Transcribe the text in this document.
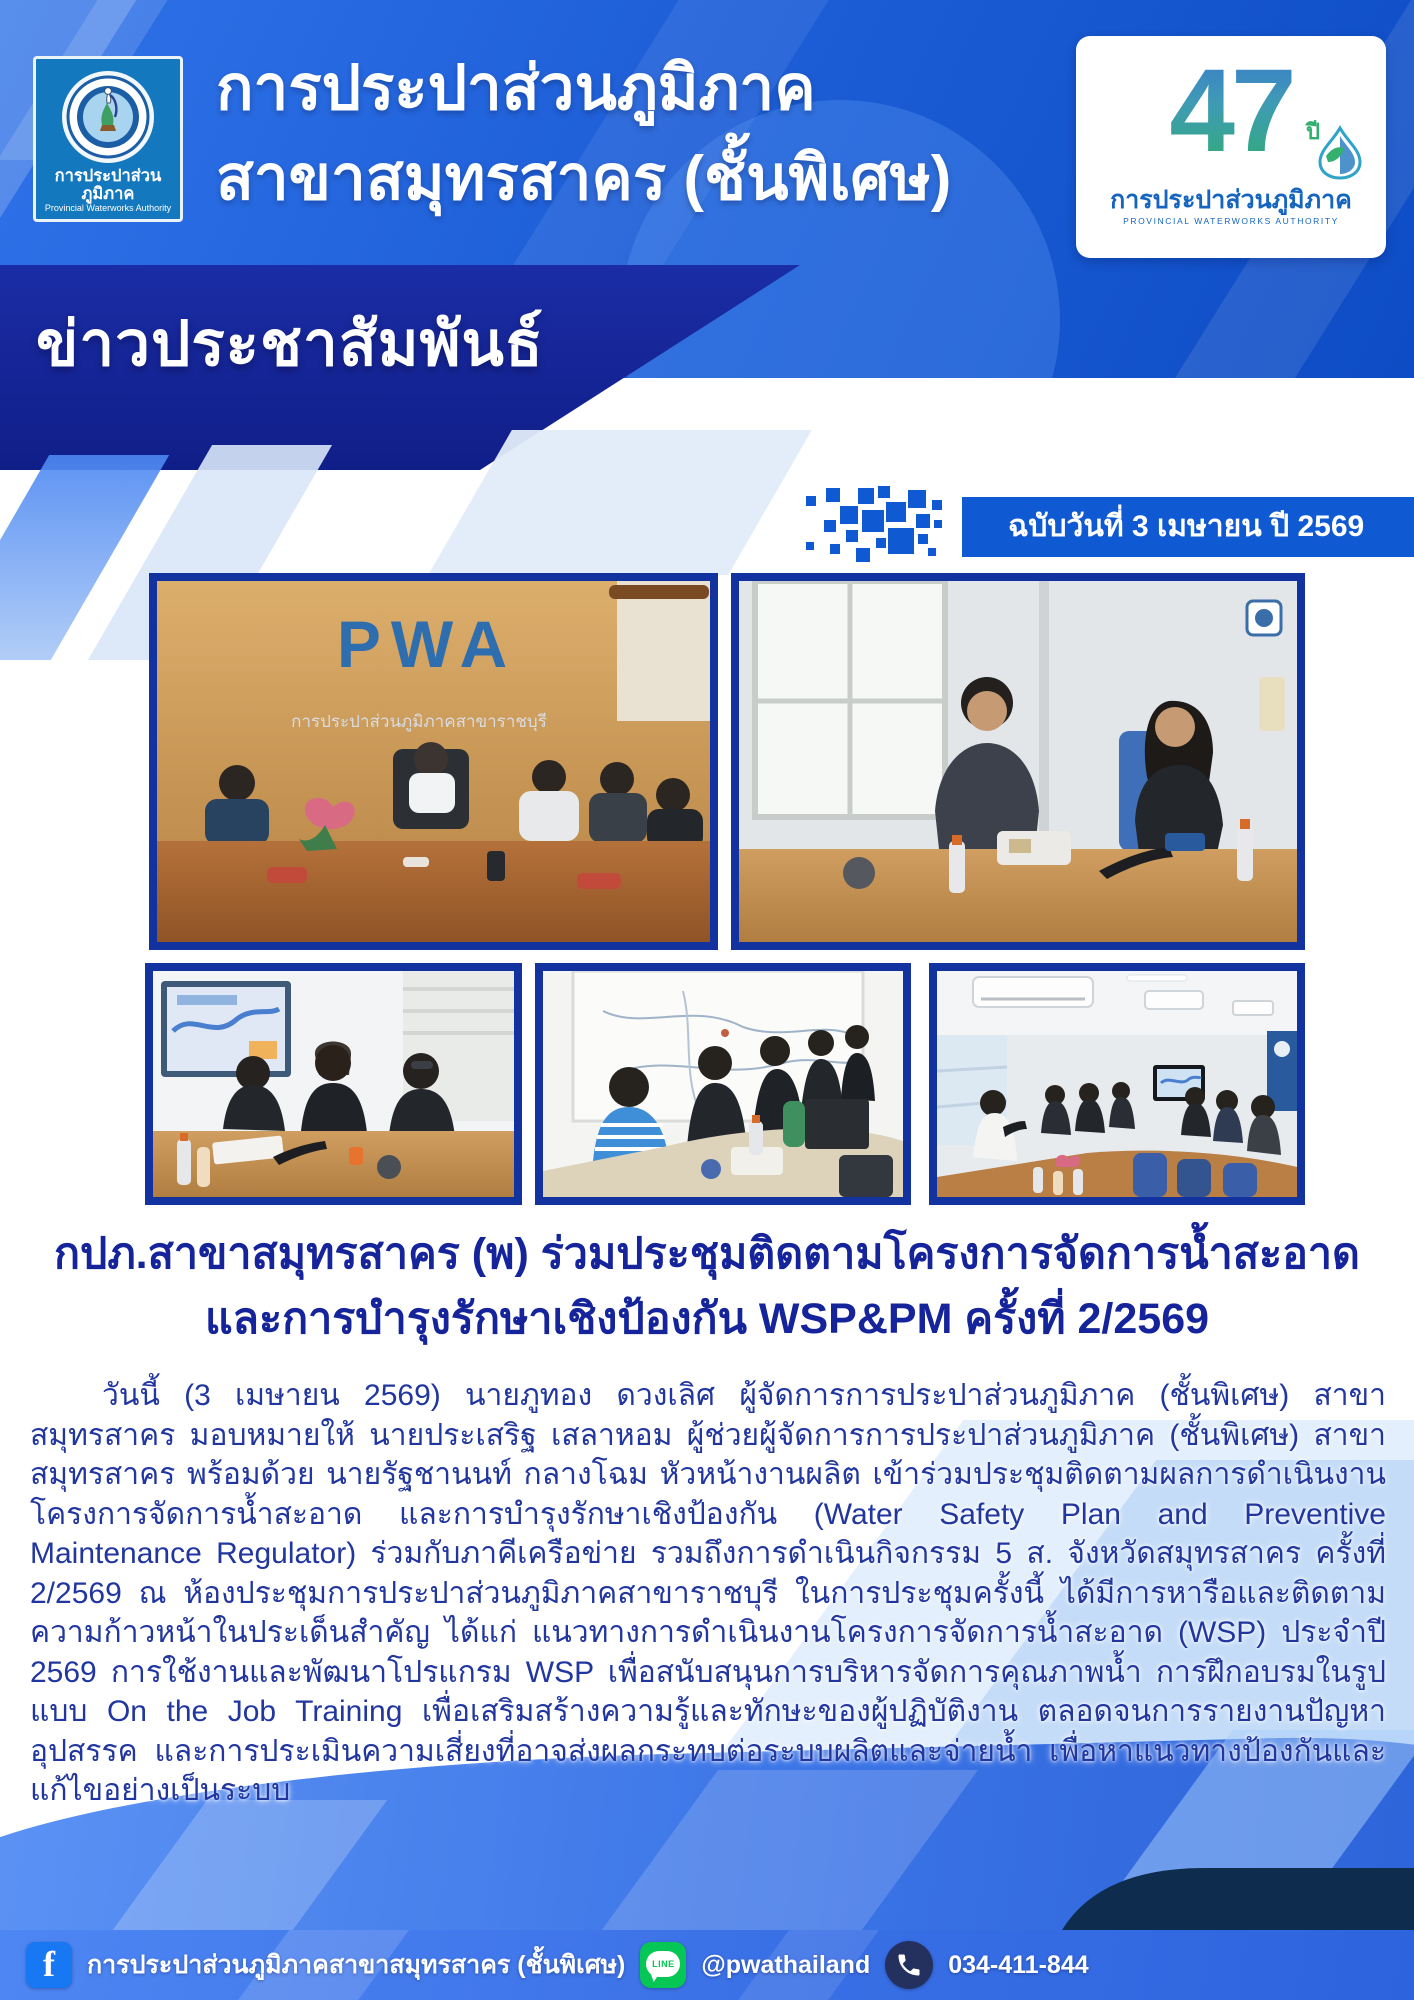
การประปาส่วนภูมิภาค
Provincial Waterworks Authority
การประปาส่วนภูมิภาค
สาขาสมุทรสาคร (ชั้นพิเศษ)
47 ปี
การประปาส่วนภูมิภาค
PROVINCIAL WATERWORKS AUTHORITY
ข่าวประชาสัมพันธ์
ฉบับวันที่ 3 เมษายน ปี 2569
PWA
การประปาส่วนภูมิภาคสาขาราชบุรี
กปภ.สาขาสมุทรสาคร (พ) ร่วมประชุมติดตามโครงการจัดการน้ำสะอาด
และการบำรุงรักษาเชิงป้องกัน WSP&PM ครั้งที่ 2/2569
วันนี้ (3 เมษายน 2569) นายภูทอง ดวงเลิศ ผู้จัดการการประปาส่วนภูมิภาค (ชั้นพิเศษ) สาขาสมุทรสาคร มอบหมายให้ นายประเสริฐ เสลาหอม ผู้ช่วยผู้จัดการการประปาส่วนภูมิภาค (ชั้นพิเศษ) สาขาสมุทรสาคร พร้อมด้วย นายรัฐชานนท์ กลางโฉม หัวหน้างานผลิต เข้าร่วมประชุมติดตามผลการดำเนินงานโครงการจัดการน้ำสะอาด และการบำรุงรักษาเชิงป้องกัน (Water Safety Plan and Preventive Maintenance Regulator) ร่วมกับภาคีเครือข่าย รวมถึงการดำเนินกิจกรรม 5 ส. จังหวัดสมุทรสาคร ครั้งที่ 2/2569 ณ ห้องประชุมการประปาส่วนภูมิภาคสาขาราชบุรี ในการประชุมครั้งนี้ ได้มีการหารือและติดตามความก้าวหน้าในประเด็นสำคัญ ได้แก่ แนวทางการดำเนินงานโครงการจัดการน้ำสะอาด (WSP) ประจำปี 2569 การใช้งานและพัฒนาโปรแกรม WSP เพื่อสนับสนุนการบริหารจัดการคุณภาพน้ำ การฝึกอบรมในรูปแบบ On the Job Training เพื่อเสริมสร้างความรู้และทักษะของผู้ปฏิบัติงาน ตลอดจนการรายงานปัญหา อุปสรรค และการประเมินความเสี่ยงที่อาจส่งผลกระทบต่อระบบผลิตและจ่ายน้ำ เพื่อหาแนวทางป้องกันและแก้ไขอย่างเป็นระบบ
f	การประปาส่วนภูมิภาคสาขาสมุทรสาคร (ชั้นพิเศษ)	LINE @pwathailand	034-411-844
